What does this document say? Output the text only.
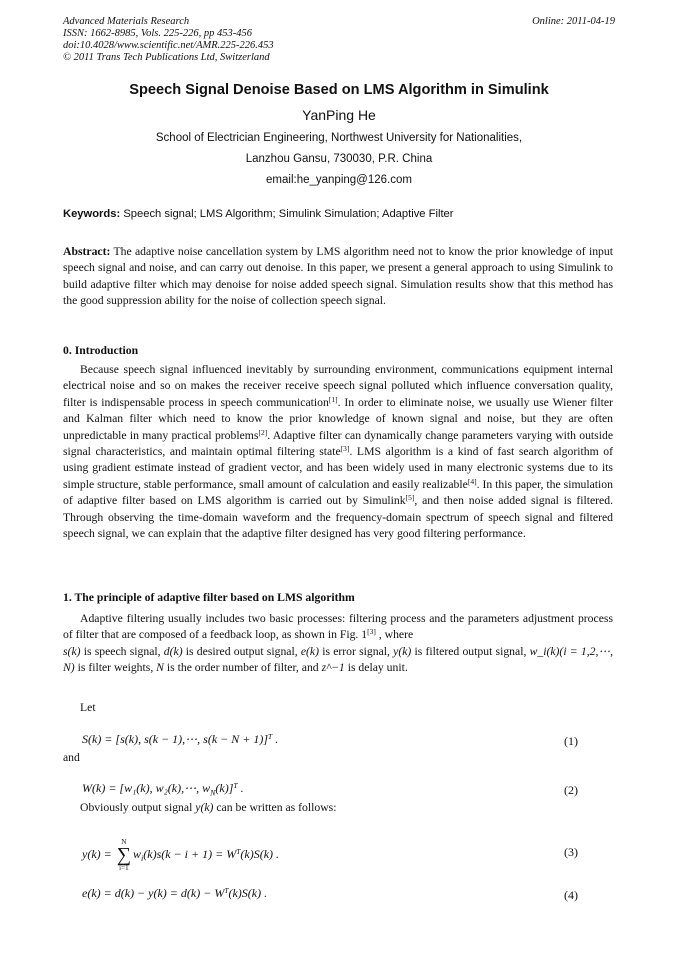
Advanced Materials Research
ISSN: 1662-8985, Vols. 225-226, pp 453-456
doi:10.4028/www.scientific.net/AMR.225-226.453
© 2011 Trans Tech Publications Ltd, Switzerland
Online: 2011-04-19
Speech Signal Denoise Based on LMS Algorithm in Simulink
YanPing He
School of Electrician Engineering, Northwest University for Nationalities,
Lanzhou Gansu, 730030, P.R. China
email:he_yanping@126.com
Keywords: Speech signal; LMS Algorithm; Simulink Simulation; Adaptive Filter
Abstract: The adaptive noise cancellation system by LMS algorithm need not to know the prior knowledge of input speech signal and noise, and can carry out denoise. In this paper, we present a general approach to using Simulink to build adaptive filter which may denoise for noise added speech signal. Simulation results show that this method has the good suppression ability for the noise of collection speech signal.
0. Introduction
Because speech signal influenced inevitably by surrounding environment, communications equipment internal electrical noise and so on makes the receiver receive speech signal polluted which influence conversation quality, filter is indispensable process in speech communication[1]. In order to eliminate noise, we usually use Wiener filter and Kalman filter which need to know the prior knowledge of known signal and noise, but they are often unpredictable in many practical problems[2]. Adaptive filter can dynamically change parameters varying with outside signal characteristics, and maintain optimal filtering state[3]. LMS algorithm is a kind of fast search algorithm of using gradient estimate instead of gradient vector, and has been widely used in many electronic systems due to its simple structure, stable performance, small amount of calculation and easily realizable[4]. In this paper, the simulation of adaptive filter based on LMS algorithm is carried out by Simulink[5], and then noise added signal is filtered. Through observing the time-domain waveform and the frequency-domain spectrum of speech signal and filtered speech signal, we can explain that the adaptive filter designed has very good filtering performance.
1. The principle of adaptive filter based on LMS algorithm
Adaptive filtering usually includes two basic processes: filtering process and the parameters adjustment process of filter that are composed of a feedback loop, as shown in Fig. 1[3] , where
s(k) is speech signal, d(k) is desired output signal, e(k) is error signal, y(k) is filtered output signal, w_i(k)(i = 1,2,⋯, N) is filter weights, N is the order number of filter, and z^−1 is delay unit.
Let
S(k) = [s(k), s(k − 1),⋯, s(k − N + 1)]$^T$ .	(1)
and
W(k) = [w₁(k), w₂(k),⋯, $w_N(k)]^T$ .	(2)
Obviously output signal y(k) can be written as follows:
y(k) =
N
∑
i=1
$w_i(k)s(k - i + 1) = W^T(k)S(k)$ .	(3)
$e(k) = d(k) - y(k) = d(k) - W^T(k)S(k)$ .	(4)
